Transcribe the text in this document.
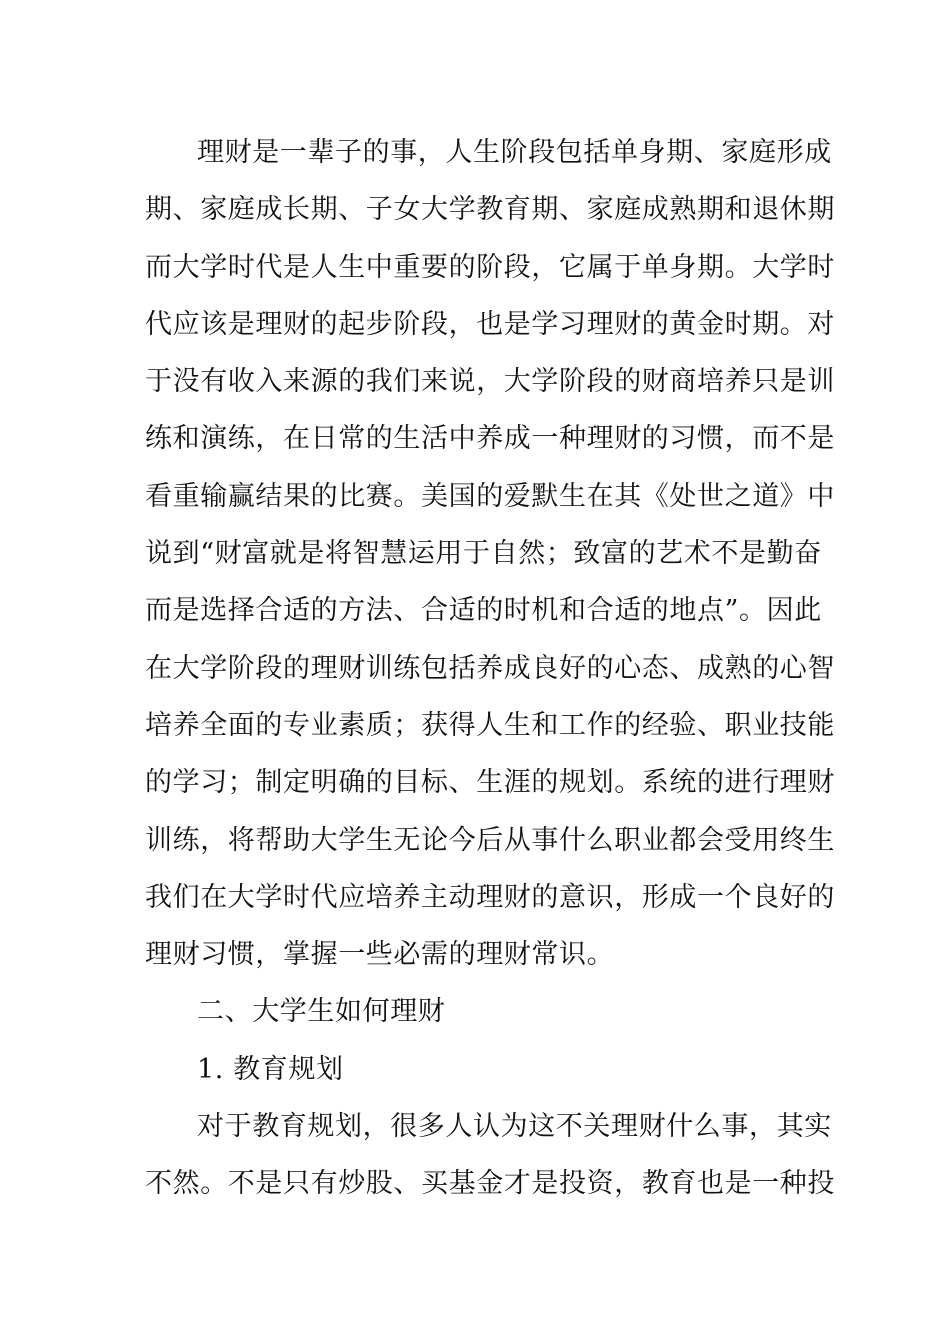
理财是一辈子的事，人生阶段包括单身期、家庭形成
期、家庭成长期、子女大学教育期、家庭成熟期和退休期
而大学时代是人生中重要的阶段，它属于单身期。大学时
代应该是理财的起步阶段，也是学习理财的黄金时期。对
于没有收入来源的我们来说，大学阶段的财商培养只是训
练和演练，在日常的生活中养成一种理财的习惯，而不是
看重输赢结果的比赛。美国的爱默生在其《处世之道》中
说到“财富就是将智慧运用于自然；致富的艺术不是勤奋
而是选择合适的方法、合适的时机和合适的地点”。因此
在大学阶段的理财训练包括养成良好的心态、成熟的心智
培养全面的专业素质；获得人生和工作的经验、职业技能
的学习；制定明确的目标、生涯的规划。系统的进行理财
训练，将帮助大学生无论今后从事什么职业都会受用终生
我们在大学时代应培养主动理财的意识，形成一个良好的
理财习惯，掌握一些必需的理财常识。
二、大学生如何理财
1. 教育规划
对于教育规划，很多人认为这不关理财什么事，其实
不然。不是只有炒股、买基金才是投资，教育也是一种投
